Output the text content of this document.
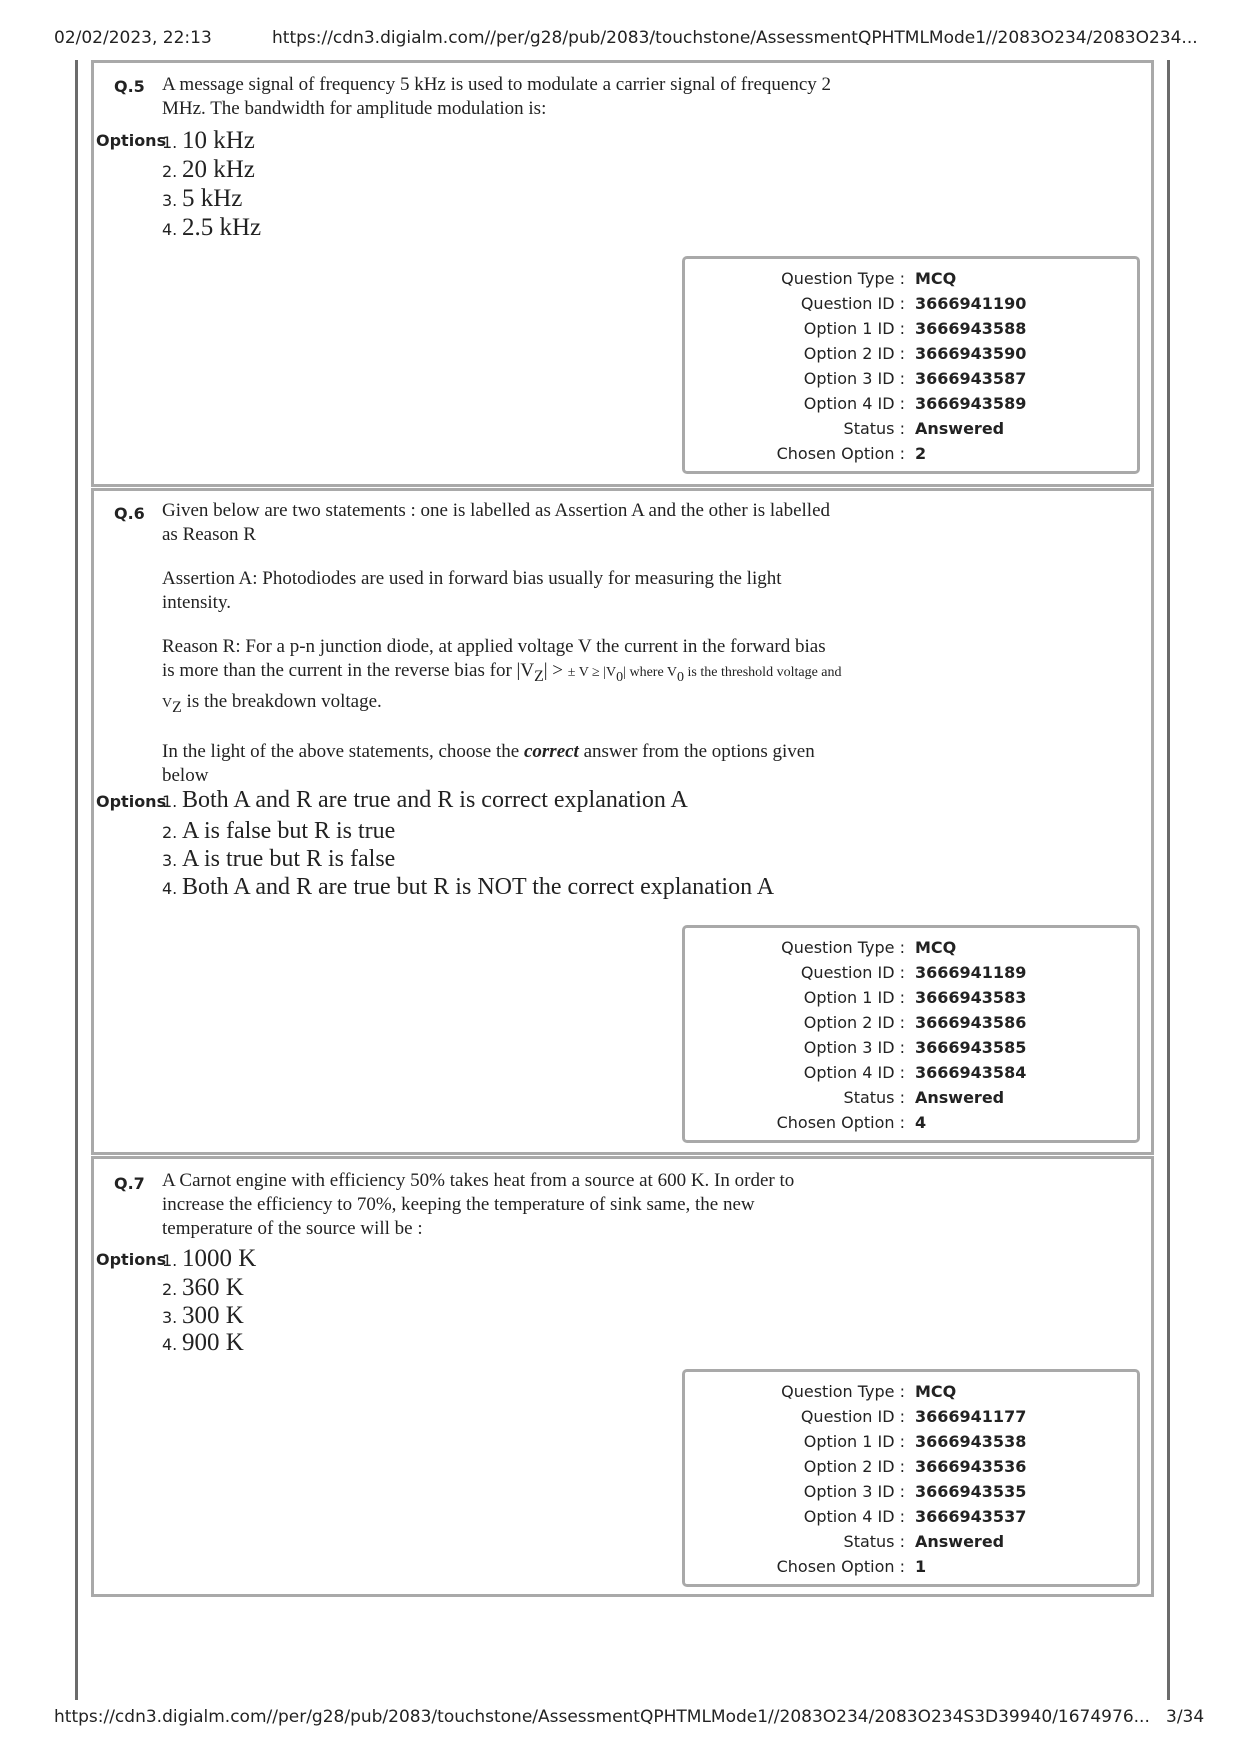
02/02/2023, 22:13	https://cdn3.digialm.com//per/g28/pub/2083/touchstone/AssessmentQPHTMLMode1//2083O234/2083O234...
Q.5 A message signal of frequency 5 kHz is used to modulate a carrier signal of frequency 2 MHz. The bandwidth for amplitude modulation is:

Options
1. 10 kHz
2. 20 kHz
3. 5 kHz
4. 2.5 kHz
Question Type : MCQ
Question ID : 3666941190
Option 1 ID : 3666943588
Option 2 ID : 3666943590
Option 3 ID : 3666943587
Option 4 ID : 3666943589
Status : Answered
Chosen Option : 2
Q.6 Given below are two statements : one is labelled as Assertion A and the other is labelled as Reason R

Assertion A: Photodiodes are used in forward bias usually for measuring the light intensity.

Reason R: For a p-n junction diode, at applied voltage V the current in the forward bias is more than the current in the reverse bias for $|V_Z|$ > ± $V \ge |V_0|$ where $V_0$ is the threshold voltage and $V_Z$ is the breakdown voltage.

In the light of the above statements, choose the correct answer from the options given below

Options
1. Both A and R are true and R is correct explanation A
2. A is false but R is true
3. A is true but R is false
4. Both A and R are true but R is NOT the correct explanation A
Question Type : MCQ
Question ID : 3666941189
Option 1 ID : 3666943583
Option 2 ID : 3666943586
Option 3 ID : 3666943585
Option 4 ID : 3666943584
Status : Answered
Chosen Option : 4
Q.7 A Carnot engine with efficiency 50% takes heat from a source at 600 K. In order to increase the efficiency to 70%, keeping the temperature of sink same, the new temperature of the source will be :

Options
1. 1000 K
2. 360 K
3. 300 K
4. 900 K
Question Type : MCQ
Question ID : 3666941177
Option 1 ID : 3666943538
Option 2 ID : 3666943536
Option 3 ID : 3666943535
Option 4 ID : 3666943537
Status : Answered
Chosen Option : 1
https://cdn3.digialm.com//per/g28/pub/2083/touchstone/AssessmentQPHTMLMode1//2083O234/2083O234S3D39940/1674976... 3/34
